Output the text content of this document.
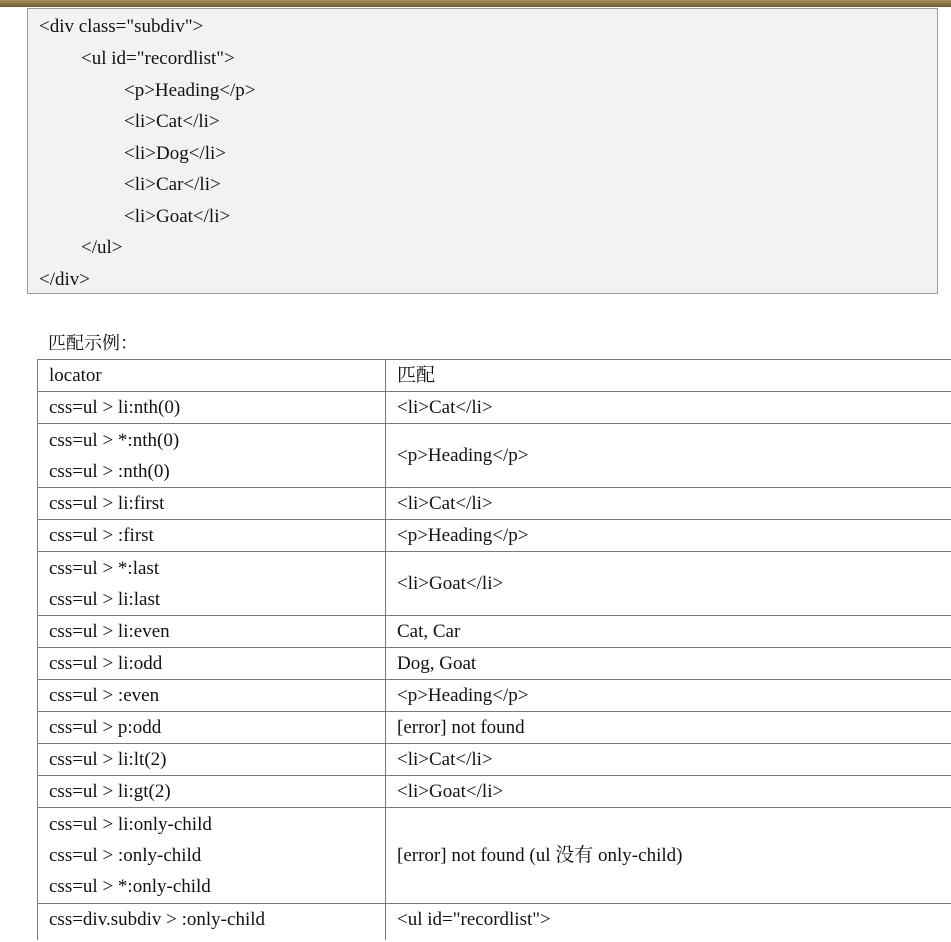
<div class="subdiv">
<ul id="recordlist">
<p>Heading</p>
<li>Cat</li>
<li>Dog</li>
<li>Car</li>
<li>Goat</li>
</ul>
</div>
匹配示例：
locator	匹配

css=ul > li:nth(0)	<li>Cat</li>

css=ul > *:nth(0)
css=ul > :nth(0)	<p>Heading</p>

css=ul > li:first	<li>Cat</li>

css=ul > :first	<p>Heading</p>

css=ul > *:last
css=ul > li:last	<li>Goat</li>

css=ul > li:even	Cat, Car

css=ul > li:odd	Dog, Goat

css=ul > :even	<p>Heading</p>

css=ul > p:odd	[error] not found

css=ul > li:lt(2)	<li>Cat</li>

css=ul > li:gt(2)	<li>Goat</li>

css=ul > li:only-child
css=ul > :only-child
css=ul > *:only-child	[error] not found (ul 没有 only-child)

css=div.subdiv > :only-child	<ul id="recordlist">
